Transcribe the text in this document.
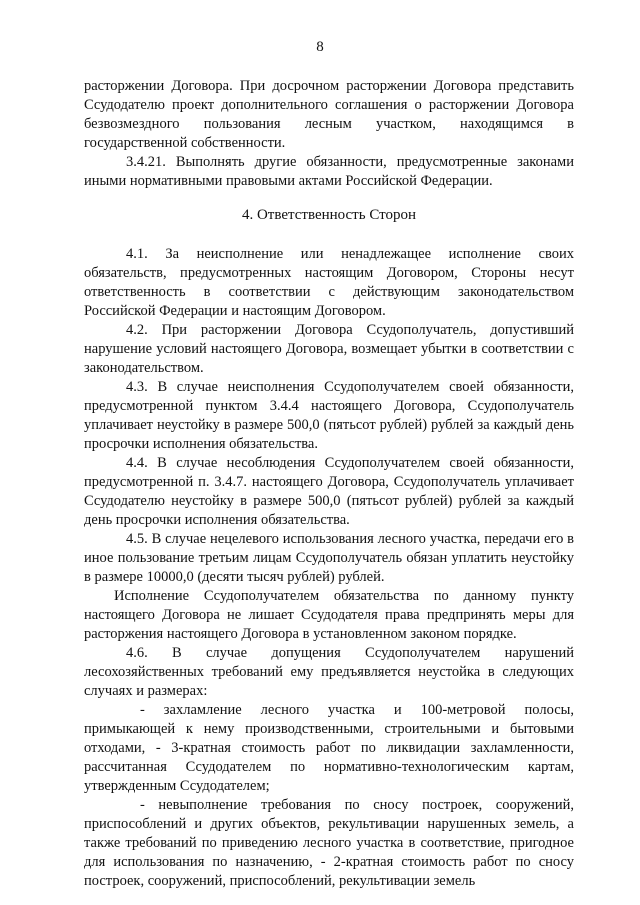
8

расторжении Договора. При досрочном расторжении Договора представить Ссудодателю проект дополнительного соглашения о расторжении Договора безвозмездного пользования лесным участком, находящимся в государственной собственности.

3.4.21. Выполнять другие обязанности, предусмотренные законами иными нормативными правовыми актами Российской Федерации.

4. Ответственность Сторон

4.1. За неисполнение или ненадлежащее исполнение своих обязательств, предусмотренных настоящим Договором, Стороны несут ответственность в соответствии с действующим законодательством Российской Федерации и настоящим Договором.

4.2. При расторжении Договора Ссудополучатель, допустивший нарушение условий настоящего Договора, возмещает убытки в соответствии с законодательством.

4.3. В случае неисполнения Ссудополучателем своей обязанности, предусмотренной пунктом 3.4.4 настоящего Договора, Ссудополучатель уплачивает неустойку в размере 500,0 (пятьсот рублей) рублей за каждый день просрочки исполнения обязательства.

4.4. В случае несоблюдения Ссудополучателем своей обязанности, предусмотренной п. 3.4.7. настоящего Договора, Ссудополучатель уплачивает Ссудодателю неустойку в размере 500,0 (пятьсот рублей) рублей за каждый день просрочки исполнения обязательства.

4.5. В случае нецелевого использования лесного участка, передачи его в иное пользование третьим лицам Ссудополучатель обязан уплатить неустойку в размере 10000,0 (десяти тысяч рублей) рублей.

Исполнение Ссудополучателем обязательства по данному пункту настоящего Договора не лишает Ссудодателя права предпринять меры для расторжения настоящего Договора в установленном законом порядке.

4.6. В случае допущения Ссудополучателем нарушений лесохозяйственных требований ему предъявляется неустойка в следующих случаях и размерах:

- захламление лесного участка и 100-метровой полосы, примыкающей к нему производственными, строительными и бытовыми отходами, - 3-кратная стоимость работ по ликвидации захламленности, рассчитанная Ссудодателем по нормативно-технологическим картам, утвержденным Ссудодателем;

- невыполнение требования по сносу построек, сооружений, приспособлений и других объектов, рекультивации нарушенных земель, а также требований по приведению лесного участка в соответствие, пригодное для использования по назначению, - 2-кратная стоимость работ по сносу построек, сооружений, приспособлений, рекультивации земель
